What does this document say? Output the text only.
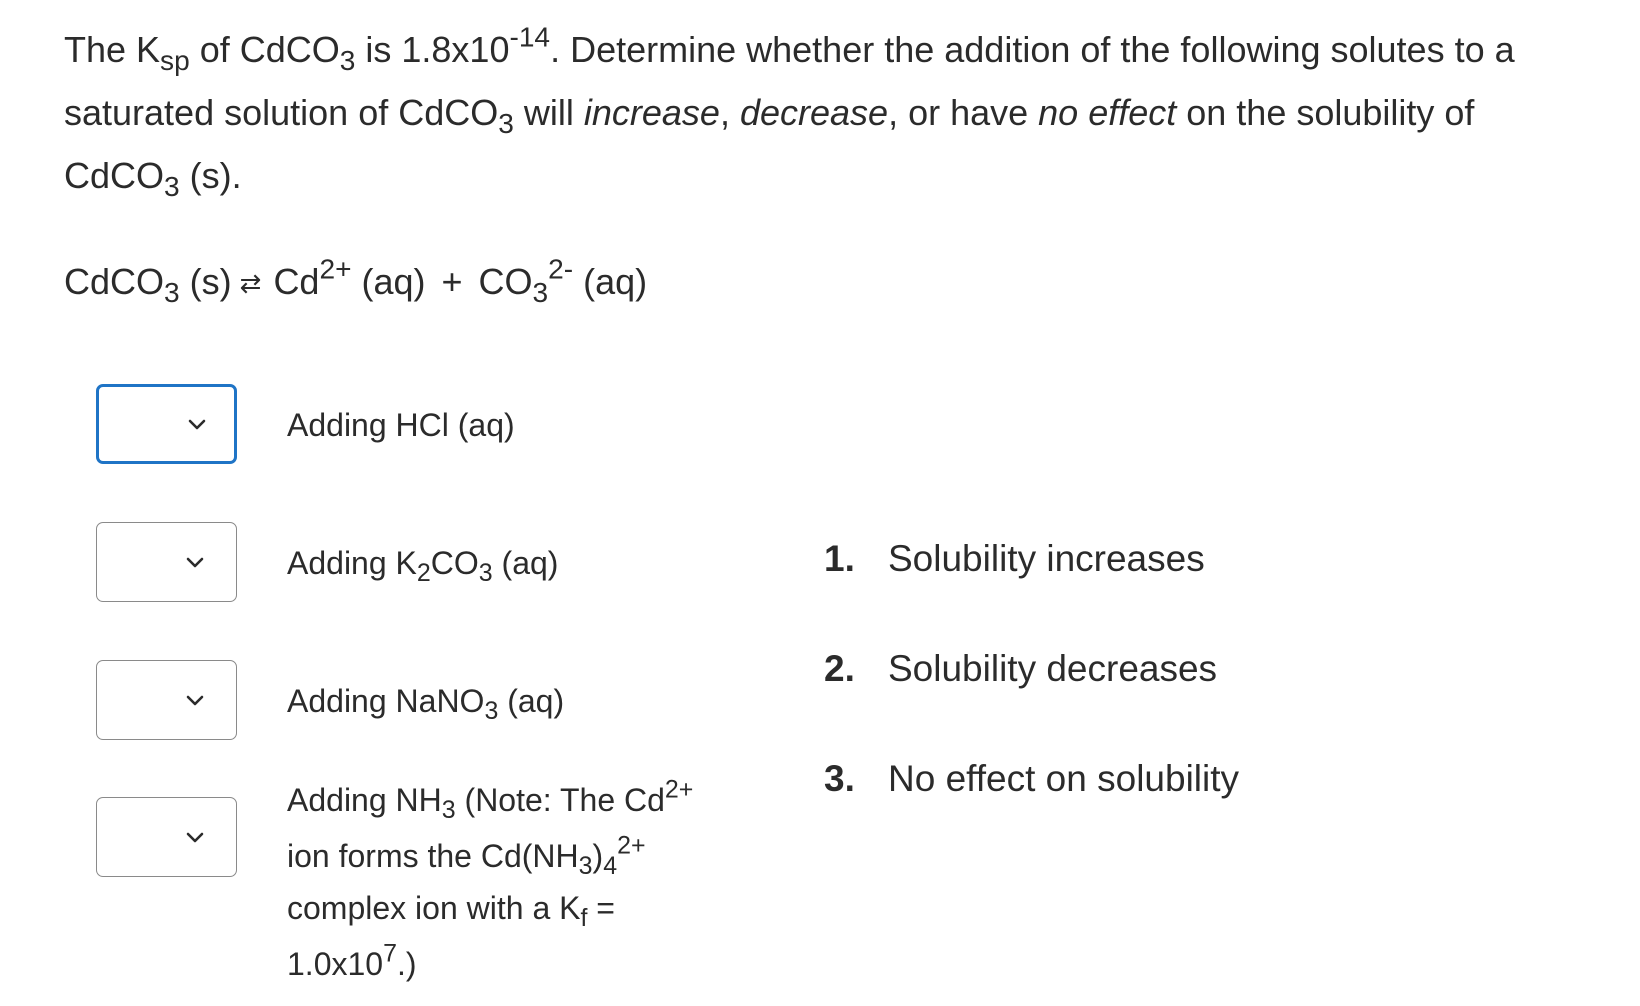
The $K_{sp}$ of CdCO$_3$ is $1.8x10^{-14}$. Determine whether the addition of the following solutes to a saturated solution of CdCO$_3$ will increase, decrease, or have no effect on the solubility of CdCO$_3$ (s).
CdCO$_3$ (s) ⇄ $Cd^{2+}$ $(aq) + CO_3^{2-}$ (aq)
Adding HCl (aq)
Adding $K_2CO_3$ (aq)
Adding NaNO$_3$ (aq)
Adding $NH_3$ (Note: The $Cd^{2+}$
ion forms the $Cd(NH_3)_4^{2+}$
complex ion with a $K_f$ =
$1.0x10^7$.)
1. Solubility increases
2. Solubility decreases
3. No effect on solubility
